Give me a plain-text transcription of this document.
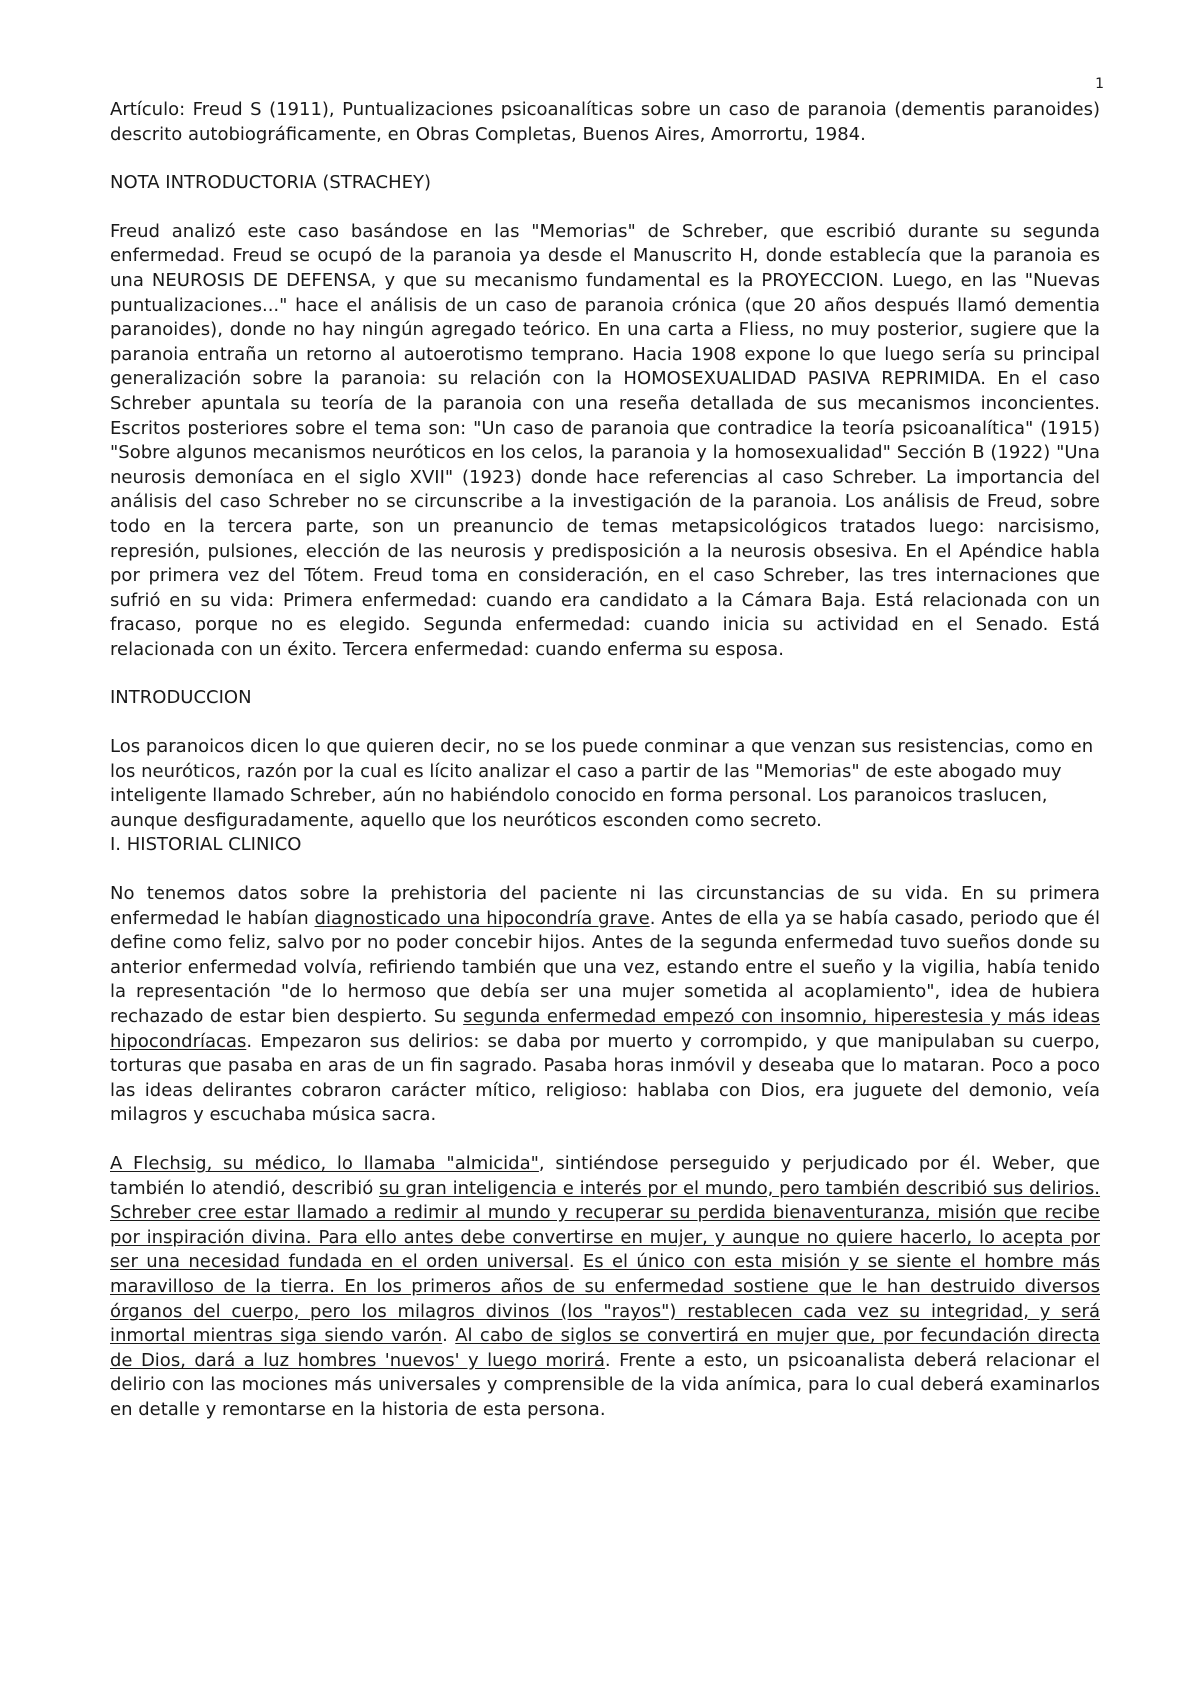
1

Artículo: Freud S (1911), Puntualizaciones psicoanalíticas sobre un caso de paranoia (dementis paranoides) descrito autobiográficamente, en Obras Completas, Buenos Aires, Amorrortu, 1984.

NOTA INTRODUCTORIA (STRACHEY)

Freud analizó este caso basándose en las "Memorias" de Schreber, que escribió durante su segunda enfermedad. Freud se ocupó de la paranoia ya desde el Manuscrito H, donde establecía que la paranoia es una NEUROSIS DE DEFENSA, y que su mecanismo fundamental es la PROYECCION. Luego, en las "Nuevas puntualizaciones..." hace el análisis de un caso de paranoia crónica (que 20 años después llamó dementia paranoides), donde no hay ningún agregado teórico. En una carta a Fliess, no muy posterior, sugiere que la paranoia entraña un retorno al autoerotismo temprano. Hacia 1908 expone lo que luego sería su principal generalización sobre la paranoia: su relación con la HOMOSEXUALIDAD PASIVA REPRIMIDA. En el caso Schreber apuntala su teoría de la paranoia con una reseña detallada de sus mecanismos inconcientes. Escritos posteriores sobre el tema son: "Un caso de paranoia que contradice la teoría psicoanalítica" (1915) "Sobre algunos mecanismos neuróticos en los celos, la paranoia y la homosexualidad" Sección B (1922) "Una neurosis demoníaca en el siglo XVII" (1923) donde hace referencias al caso Schreber. La importancia del análisis del caso Schreber no se circunscribe a la investigación de la paranoia. Los análisis de Freud, sobre todo en la tercera parte, son un preanuncio de temas metapsicológicos tratados luego: narcisismo, represión, pulsiones, elección de las neurosis y predisposición a la neurosis obsesiva. En el Apéndice habla por primera vez del Tótem. Freud toma en consideración, en el caso Schreber, las tres internaciones que sufrió en su vida: Primera enfermedad: cuando era candidato a la Cámara Baja. Está relacionada con un fracaso, porque no es elegido. Segunda enfermedad: cuando inicia su actividad en el Senado. Está relacionada con un éxito. Tercera enfermedad: cuando enferma su esposa.

INTRODUCCION

Los paranoicos dicen lo que quieren decir, no se los puede conminar a que venzan sus resistencias, como en los neuróticos, razón por la cual es lícito analizar el caso a partir de las "Memorias" de este abogado muy inteligente llamado Schreber, aún no habiéndolo conocido en forma personal. Los paranoicos traslucen, aunque desfiguradamente, aquello que los neuróticos esconden como secreto.

I. HISTORIAL CLINICO

No tenemos datos sobre la prehistoria del paciente ni las circunstancias de su vida. En su primera enfermedad le habían diagnosticado una hipocondría grave. Antes de ella ya se había casado, periodo que él define como feliz, salvo por no poder concebir hijos. Antes de la segunda enfermedad tuvo sueños donde su anterior enfermedad volvía, refiriendo también que una vez, estando entre el sueño y la vigilia, había tenido la representación "de lo hermoso que debía ser una mujer sometida al acoplamiento", idea de hubiera rechazado de estar bien despierto. Su segunda enfermedad empezó con insomnio, hiperestesia y más ideas hipocondríacas. Empezaron sus delirios: se daba por muerto y corrompido, y que manipulaban su cuerpo, torturas que pasaba en aras de un fin sagrado. Pasaba horas inmóvil y deseaba que lo mataran. Poco a poco las ideas delirantes cobraron carácter mítico, religioso: hablaba con Dios, era juguete del demonio, veía milagros y escuchaba música sacra.

A Flechsig, su médico, lo llamaba "almicida", sintiéndose perseguido y perjudicado por él. Weber, que también lo atendió, describió su gran inteligencia e interés por el mundo, pero también describió sus delirios. Schreber cree estar llamado a redimir al mundo y recuperar su perdida bienaventuranza, misión que recibe por inspiración divina. Para ello antes debe convertirse en mujer, y aunque no quiere hacerlo, lo acepta por ser una necesidad fundada en el orden universal. Es el único con esta misión y se siente el hombre más maravilloso de la tierra. En los primeros años de su enfermedad sostiene que le han destruido diversos órganos del cuerpo, pero los milagros divinos (los "rayos") restablecen cada vez su integridad, y será inmortal mientras siga siendo varón. Al cabo de siglos se convertirá en mujer que, por fecundación directa de Dios, dará a luz hombres 'nuevos' y luego morirá. Frente a esto, un psicoanalista deberá relacionar el delirio con las mociones más universales y comprensible de la vida anímica, para lo cual deberá examinarlos en detalle y remontarse en la historia de esta persona.
